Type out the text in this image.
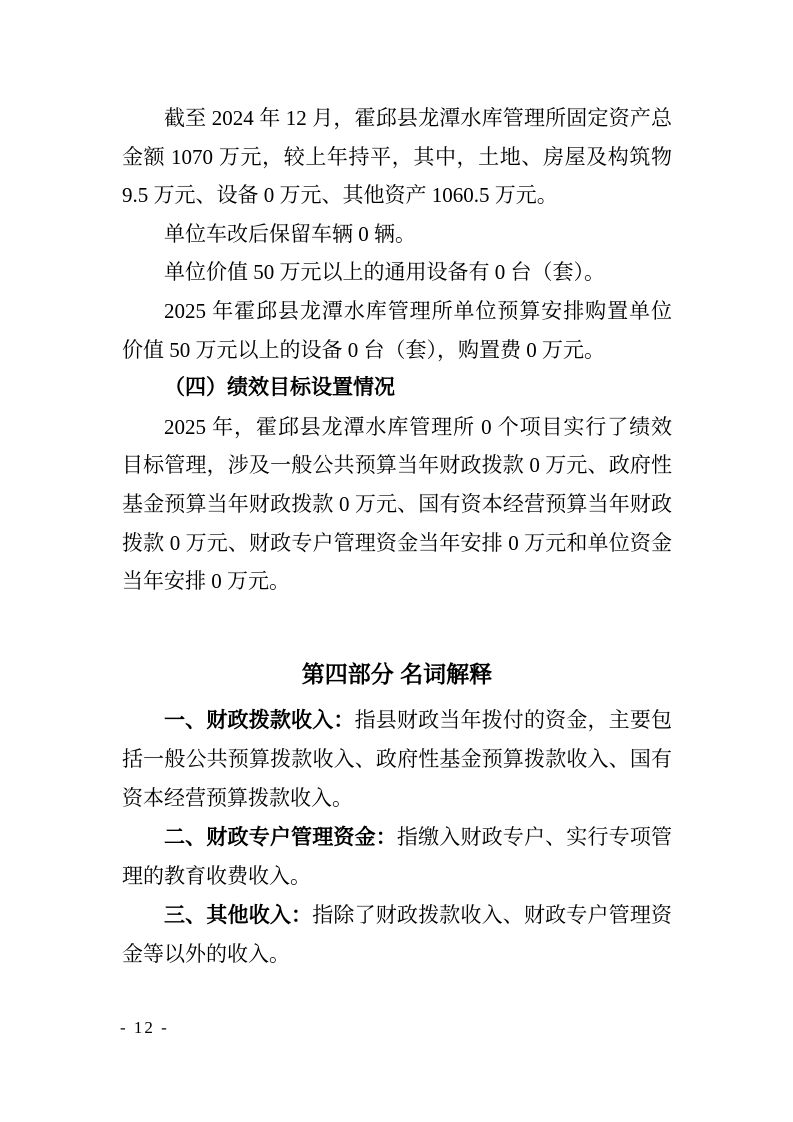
截至 2024 年 12 月，霍邱县龙潭水库管理所固定资产总金额 1070 万元，较上年持平，其中，土地、房屋及构筑物 9.5 万元、设备 0 万元、其他资产 1060.5 万元。

单位车改后保留车辆 0 辆。

单位价值 50 万元以上的通用设备有 0 台（套）。

2025 年霍邱县龙潭水库管理所单位预算安排购置单位价值 50 万元以上的设备 0 台（套），购置费 0 万元。

（四）绩效目标设置情况

2025 年，霍邱县龙潭水库管理所 0 个项目实行了绩效目标管理，涉及一般公共预算当年财政拨款 0 万元、政府性基金预算当年财政拨款 0 万元、国有资本经营预算当年财政拨款 0 万元、财政专户管理资金当年安排 0 万元和单位资金当年安排 0 万元。

第四部分 名词解释

一、财政拨款收入：指县财政当年拨付的资金，主要包括一般公共预算拨款收入、政府性基金预算拨款收入、国有资本经营预算拨款收入。

二、财政专户管理资金：指缴入财政专户、实行专项管理的教育收费收入。

三、其他收入：指除了财政拨款收入、财政专户管理资金等以外的收入。

- 12 -
